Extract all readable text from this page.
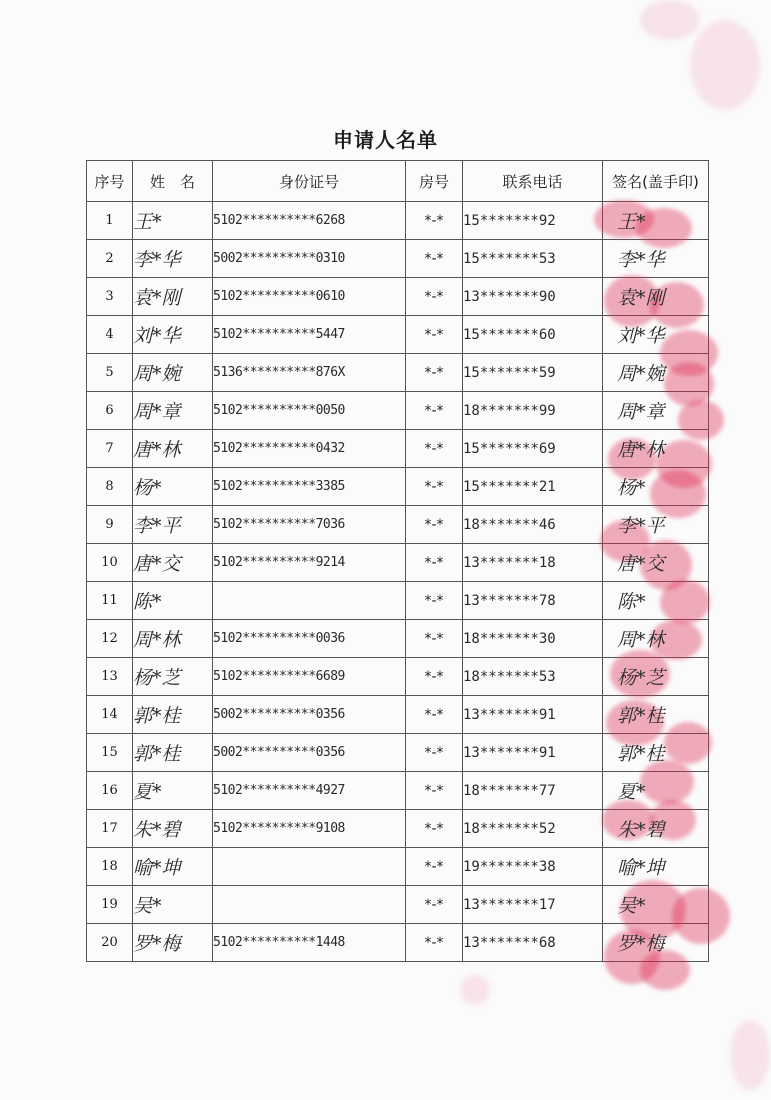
申请人名单
序号	姓　名	身份证号	房号	联系电话	签名(盖手印)
1	王*	5102**********6268	*-*	15*******92	王*
2	李*华	5002**********0310	*-*	15*******53	李*华
3	袁*刚	5102**********0610	*-*	13*******90	袁*刚
4	刘*华	5102**********5447	*-*	15*******60	刘*华
5	周*婉	5136**********876X	*-*	15*******59	周*婉
6	周*章	5102**********0050	*-*	18*******99	周*章
7	唐*林	5102**********0432	*-*	15*******69	唐*林
8	杨*	5102**********3385	*-*	15*******21	杨*
9	李*平	5102**********7036	*-*	18*******46	李*平
10	唐*交	5102**********9214	*-*	13*******18	唐*交
11	陈*		*-*	13*******78	陈*
12	周*林	5102**********0036	*-*	18*******30	周*林
13	杨*芝	5102**********6689	*-*	18*******53	杨*芝
14	郭*桂	5002**********0356	*-*	13*******91	郭*桂
15	郭*桂	5002**********0356	*-*	13*******91	郭*桂
16	夏*	5102**********4927	*-*	18*******77	夏*
17	朱*碧	5102**********9108	*-*	18*******52	朱*碧
18	喻*坤		*-*	19*******38	喻*坤
19	吴*		*-*	13*******17	吴*
20	罗*梅	5102**********1448	*-*	13*******68	罗*梅
